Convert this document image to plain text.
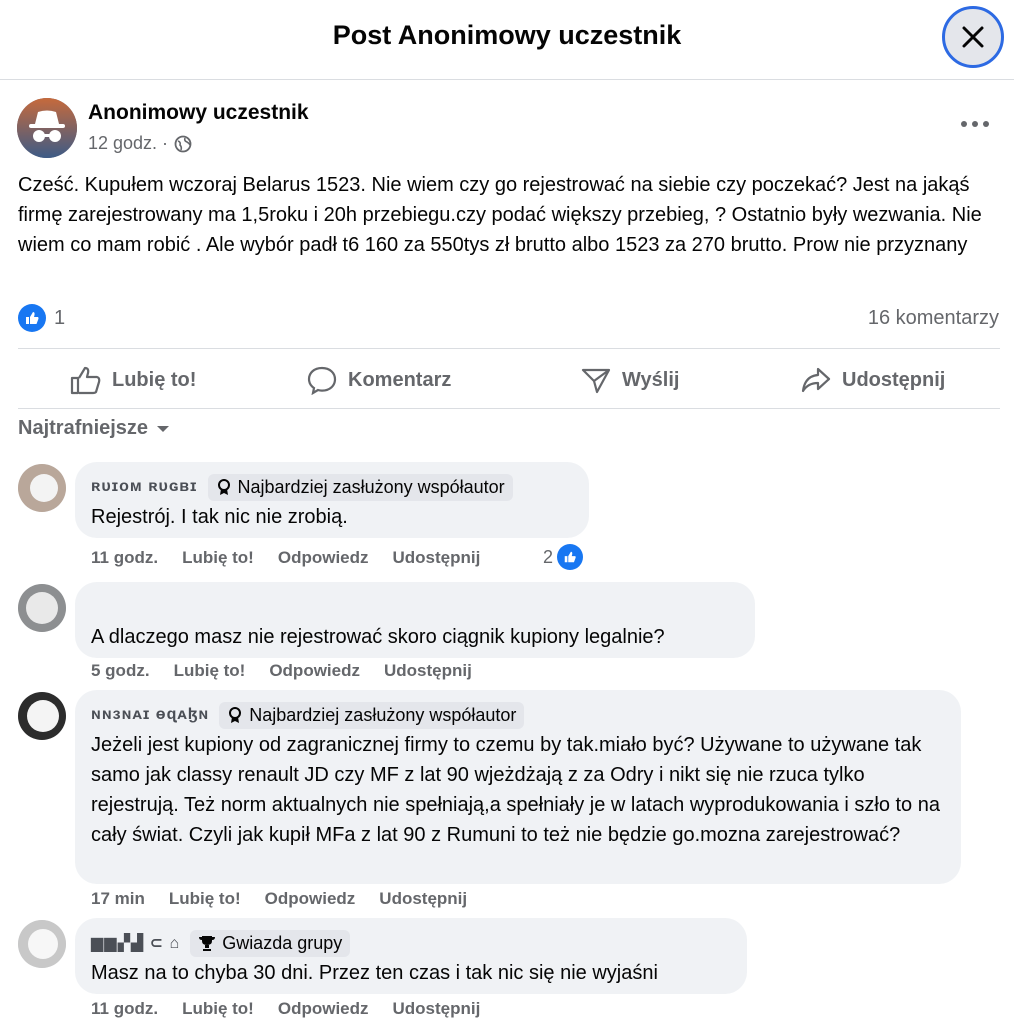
Post Anonimowy uczestnik
Anonimowy uczestnik
12 godz. ·
Cześć. Kupułem wczoraj Belarus 1523. Nie wiem czy go rejestrować na siebie czy poczekać? Jest na jakąś firmę zarejestrowany ma 1,5roku i 20h przebiegu.czy podać większy przebieg, ? Ostatnio były wezwania. Nie wiem co mam robić . Ale wybór padł t6 160 za 550tys zł brutto albo 1523 za 270 brutto. Prow nie przyznany
1	16 komentarzy
Lubię to!	Komentarz	Wyślij	Udostępnij
Najtrafniejsze
ʀᴜɪᴏᴍ ʀᴜɢʙɪ Najbardziej zasłużony współautor
Rejestrój. I tak nic nie zrobią.
11 godz. Lubię to! Odpowiedz Udostępnij	2
A dlaczego masz nie rejestrować skoro ciągnik kupiony legalnie?
5 godz. Lubię to! Odpowiedz Udostępnij
ɴɴɜɴᴀɪ ɵɋᴀɮɴ Najbardziej zasłużony współautor
Jeżeli jest kupiony od zagranicznej firmy to czemu by tak.miało być? Używane to używane tak samo jak classy renault JD czy MF z lat 90 wjeżdżają z za Odry i nikt się nie rzuca tylko rejestrują. Też norm aktualnych nie spełniają,a spełniały je w latach wyprodukowania i szło to na cały świat. Czyli jak kupił MFa z lat 90 z Rumuni to też nie będzie go.mozna zarejestrować?
17 min Lubię to! Odpowiedz Udostępnij
▆▆▞▟ ⊂ ⌂ Gwiazda grupy
Masz na to chyba 30 dni. Przez ten czas i tak nic się nie wyjaśni
11 godz. Lubię to! Odpowiedz Udostępnij
